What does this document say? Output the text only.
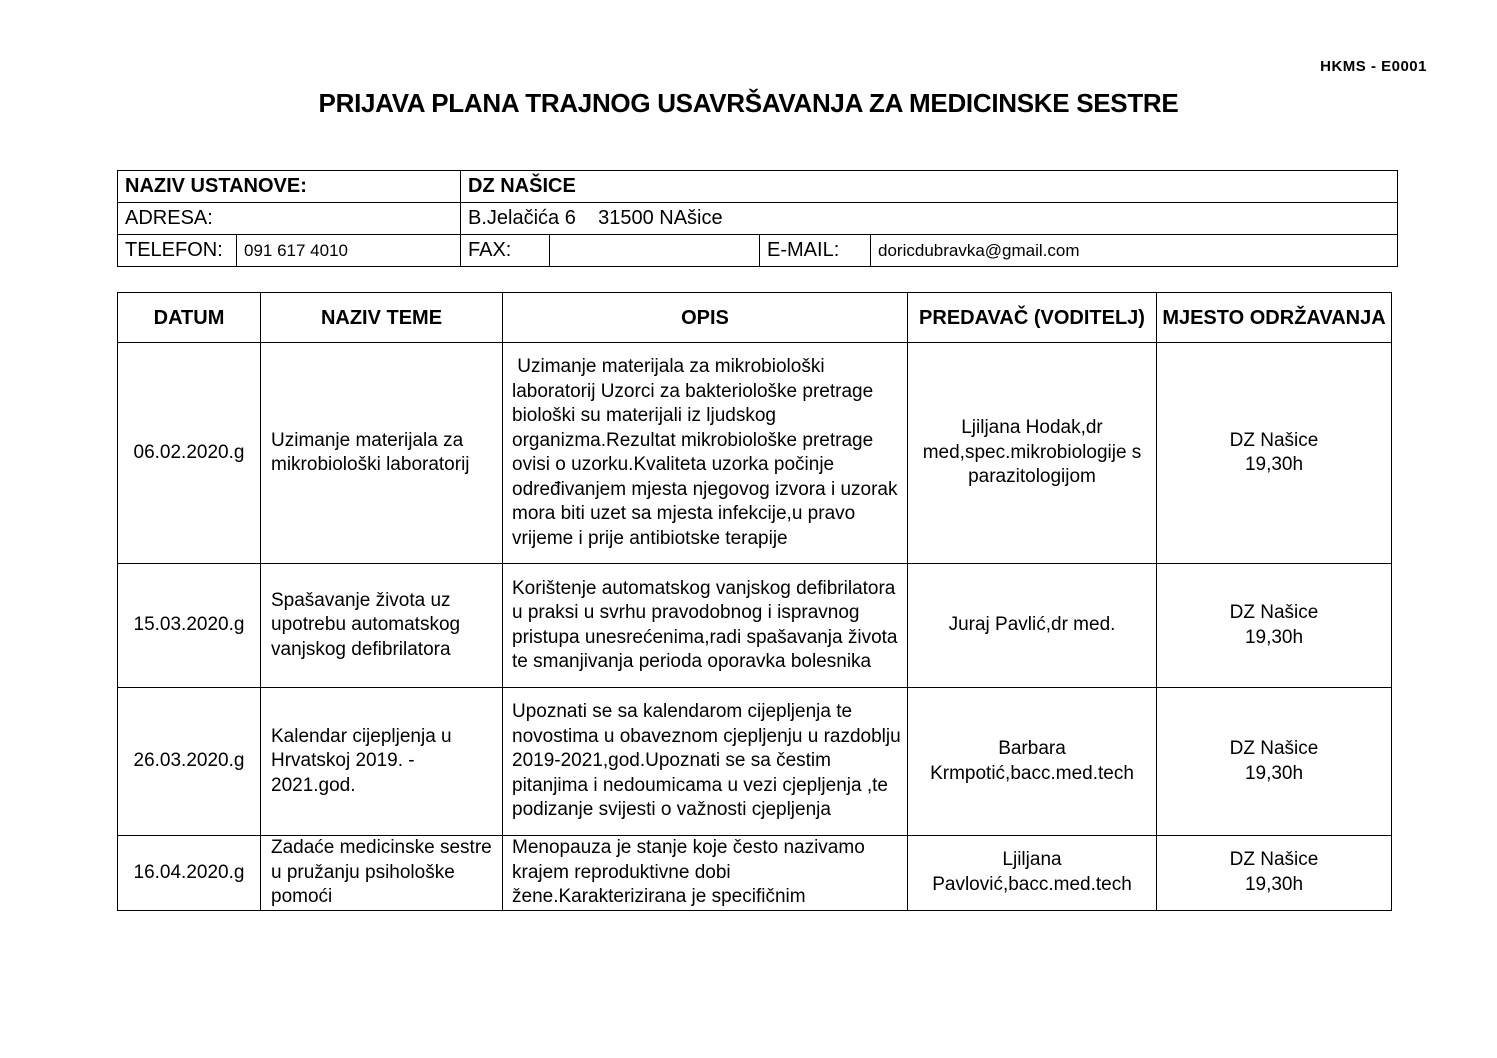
HKMS - E0001
PRIJAVA PLANA TRAJNOG USAVRŠAVANJA ZA MEDICINSKE SESTRE
NAZIV USTANOVE:		DZ NAŠICE			
ADRESA:		B.Jelačića 6    31500 NAšice			
TELEFON:	091 617 4010	FAX:		E-MAIL:	doricdubravka@gmail.com
DATUM	NAZIV TEME	OPIS	PREDAVAČ (VODITELJ)	MJESTO ODRŽAVANJA
06.02.2020.g	Uzimanje materijala za mikrobiološki laboratorij	Uzimanje materijala za mikrobiološki laboratorij Uzorci za bakteriološke pretrage biološki su materijali iz ljudskog organizma.Rezultat mikrobiološke pretrage ovisi o uzorku.Kvaliteta uzorka počinje određivanjem mjesta njegovog izvora i uzorak mora biti uzet sa mjesta infekcije,u pravo vrijeme i prije antibiotske terapije	Ljiljana Hodak,dr med,spec.mikrobiologije s parazitologijom	DZ Našice 19,30h

15.03.2020.g	Spašavanje života uz upotrebu automatskog vanjskog defibrilatora	Korištenje automatskog vanjskog defibrilatora u praksi u svrhu pravodobnog i ispravnog pristupa unesrećenima,radi spašavanja života te smanjivanja perioda oporavka bolesnika	Juraj Pavlić,dr med.	DZ Našice 19,30h

26.03.2020.g	Kalendar cijepljenja u Hrvatskoj 2019. - 2021.god.	Upoznati se sa kalendarom cijepljenja te novostima u obaveznom cjepljenju u razdoblju 2019-2021,god.Upoznati se sa čestim pitanjima i nedoumicama u vezi cjepljenja ,te podizanje svijesti o važnosti cjepljenja	Barbara Krmpotić,bacc.med.tech	DZ Našice 19,30h

16.04.2020.g	Zadaće medicinske sestre u pružanju psihološke pomoći	Menopauza je stanje koje često nazivamo krajem reproduktivne dobi žene.Karakterizirana je specifičnim	Ljiljana Pavlović,bacc.med.tech	DZ Našice 19,30h
